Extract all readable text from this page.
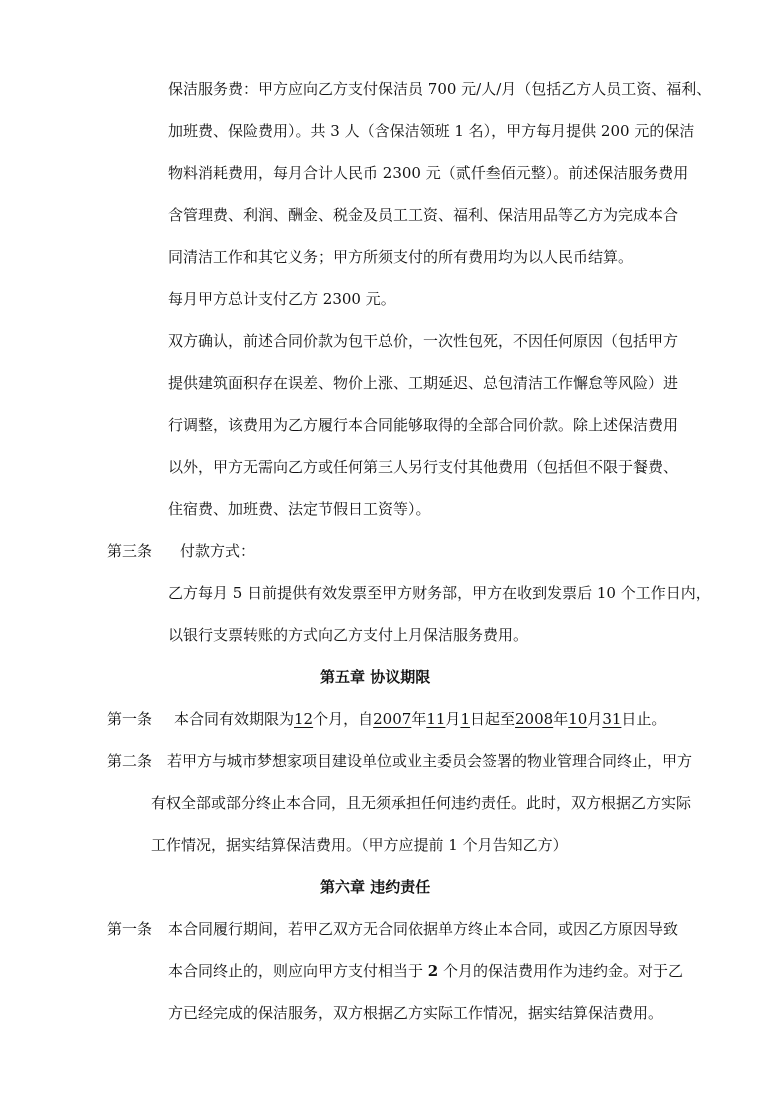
保洁服务费：甲方应向乙方支付保洁员 700 元/人/月（包括乙方人员工资、福利、
加班费、保险费用）。共 3 人（含保洁领班 1 名），甲方每月提供 200 元的保洁
物料消耗费用，每月合计人民币 2300 元（贰仟叁佰元整）。前述保洁服务费用
含管理费、利润、酬金、税金及员工工资、福利、保洁用品等乙方为完成本合
同清洁工作和其它义务；甲方所须支付的所有费用均为以人民币结算。
每月甲方总计支付乙方 2300 元。
双方确认，前述合同价款为包干总价，一次性包死，不因任何原因（包括甲方
提供建筑面积存在误差、物价上涨、工期延迟、总包清洁工作懈怠等风险）进
行调整，该费用为乙方履行本合同能够取得的全部合同价款。除上述保洁费用
以外，甲方无需向乙方或任何第三人另行支付其他费用（包括但不限于餐费、
住宿费、加班费、法定节假日工资等）。
第三条 付款方式：
乙方每月 5 日前提供有效发票至甲方财务部，甲方在收到发票后 10 个工作日内，
以银行支票转账的方式向乙方支付上月保洁服务费用。
第五章 协议期限
第一条 本合同有效期限为12个月，自2007年11月1日起至2008年10月31日止。
第二条 若甲方与城市梦想家项目建设单位或业主委员会签署的物业管理合同终止，甲方
有权全部或部分终止本合同，且无须承担任何违约责任。此时，双方根据乙方实际
工作情况，据实结算保洁费用。（甲方应提前 1 个月告知乙方）
第六章 违约责任
第一条 本合同履行期间，若甲乙双方无合同依据单方终止本合同，或因乙方原因导致
本合同终止的，则应向甲方支付相当于 2 个月的保洁费用作为违约金。对于乙
方已经完成的保洁服务，双方根据乙方实际工作情况，据实结算保洁费用。
